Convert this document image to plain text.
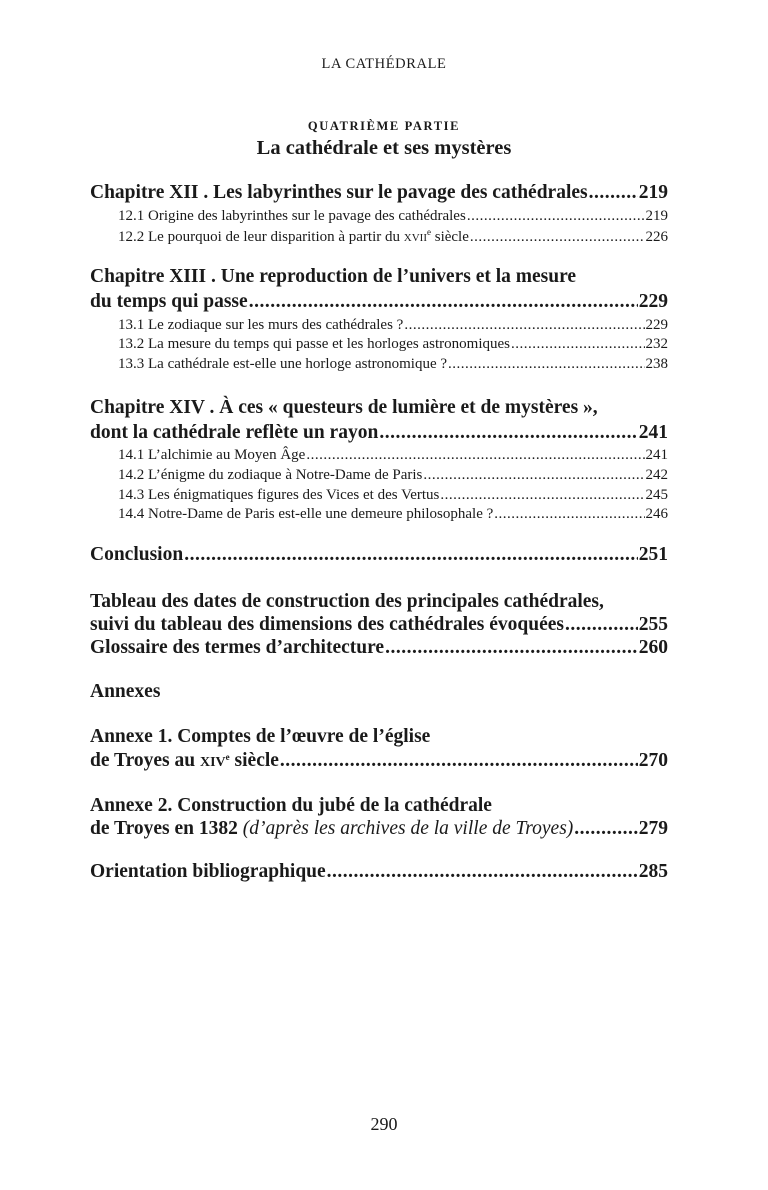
LA CATHÉDRALE
QUATRIÈME PARTIE
La cathédrale et ses mystères
Chapitre XII . Les labyrinthes sur le pavage des cathédrales .....	219
12.1 Origine des labyrinthes sur le pavage des cathédrales .....	219
12.2 Le pourquoi de leur disparition à partir du xvii$^e$ siècle .....	226
Chapitre XIII . Une reproduction de l’univers et la mesure
du temps qui passe .....	229
13.1 Le zodiaque sur les murs des cathédrales ? .....	229
13.2 La mesure du temps qui passe et les horloges astronomiques .....	232
13.3 La cathédrale est-elle une horloge astronomique ? .....	238
Chapitre XIV . À ces « questeurs de lumière et de mystères »,
dont la cathédrale reflète un rayon .....	241
14.1 L’alchimie au Moyen Âge .....	241
14.2 L’énigme du zodiaque à Notre-Dame de Paris .....	242
14.3 Les énigmatiques figures des Vices et des Vertus .....	245
14.4 Notre-Dame de Paris est-elle une demeure philosophale ? .....	246
Conclusion .....	251
Tableau des dates de construction des principales cathédrales,
suivi du tableau des dimensions des cathédrales évoquées .....	255
Glossaire des termes d’architecture .....	260
Annexes
Annexe 1. Comptes de l’œuvre de l’église
de Troyes au xiv$^e$ siècle .....	270
Annexe 2. Construction du jubé de la cathédrale
de Troyes en 1382 (d’après les archives de la ville de Troyes) .....	279
Orientation bibliographique .....	285
290
